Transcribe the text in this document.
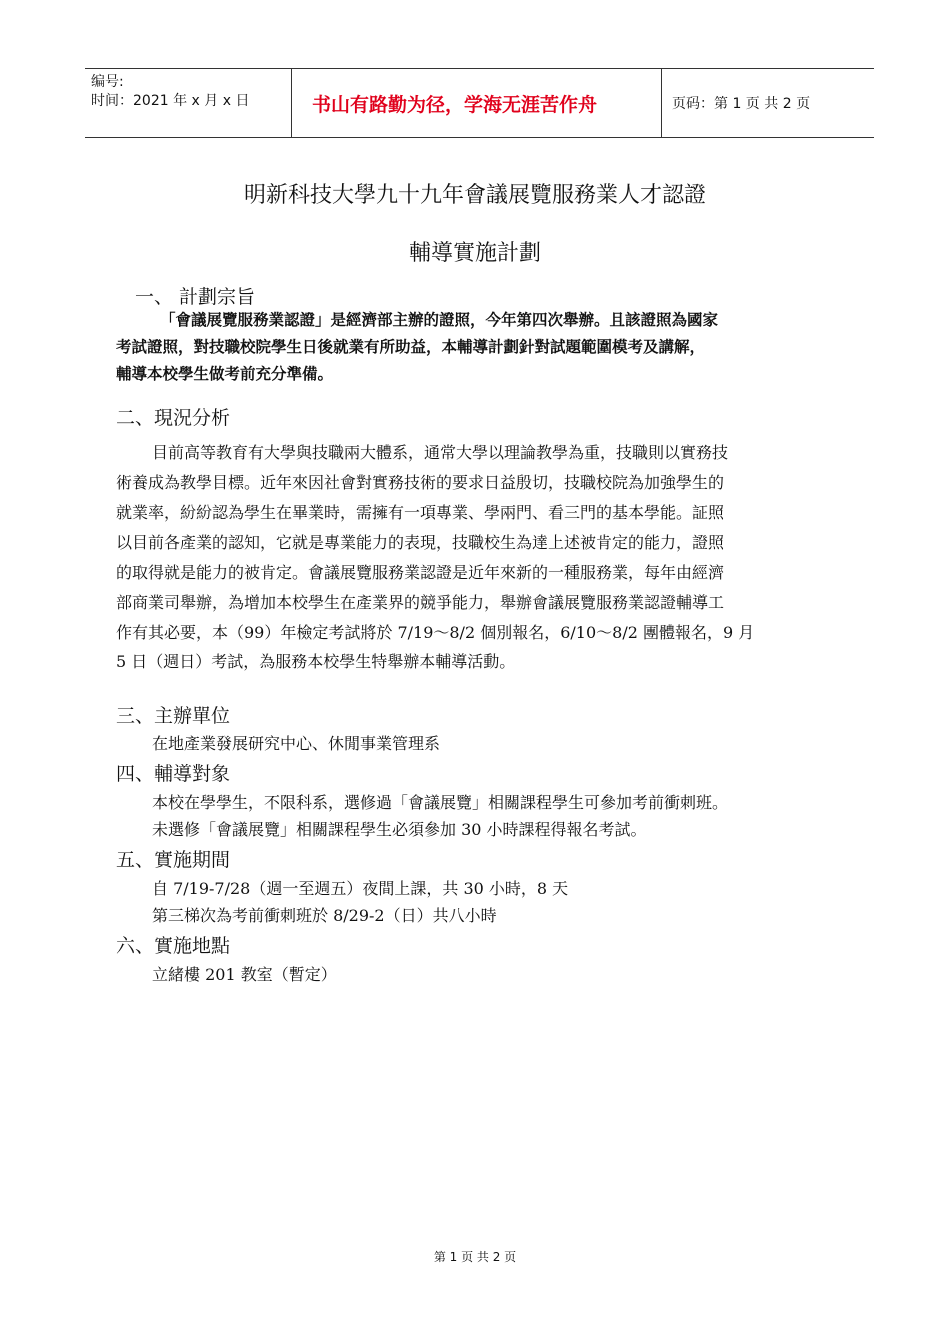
编号:
时间：2021 年 x 月 x 日	书山有路勤为径，学海无涯苦作舟	页码：第 1 页 共 2 页
明新科技大學九十九年會議展覽服務業人才認證
輔導實施計劃
一、 計劃宗旨
「會議展覽服務業認證」是經濟部主辦的證照，今年第四次舉辦。且該證照為國家
考試證照，對技職校院學生日後就業有所助益，本輔導計劃針對試題範圍模考及講解，
輔導本校學生做考前充分準備。
二、現況分析
目前高等教育有大學與技職兩大體系，通常大學以理論教學為重，技職則以實務技
術養成為教學目標。近年來因社會對實務技術的要求日益殷切，技職校院為加強學生的
就業率，紛紛認為學生在畢業時，需擁有一項專業、學兩門、看三門的基本學能。証照
以目前各產業的認知，它就是專業能力的表現，技職校生為達上述被肯定的能力，證照
的取得就是能力的被肯定。會議展覽服務業認證是近年來新的一種服務業，每年由經濟
部商業司舉辦，為增加本校學生在產業界的競爭能力，舉辦會議展覽服務業認證輔導工
作有其必要，本（99）年檢定考試將於 7/19～8/2 個別報名，6/10～8/2 團體報名，9 月
5 日（週日）考試，為服務本校學生特舉辦本輔導活動。
三、主辦單位
在地產業發展研究中心、休閒事業管理系
四、輔導對象
本校在學學生，不限科系，選修過「會議展覽」相關課程學生可參加考前衝刺班。
未選修「會議展覽」相關課程學生必須參加 30 小時課程得報名考試。
五、實施期間
自 7/19-7/28（週一至週五）夜間上課，共 30 小時，8 天
第三梯次為考前衝刺班於 8/29-2（日）共八小時
六、實施地點
立緒樓 201 教室（暫定）
第 1 页 共 2 页
